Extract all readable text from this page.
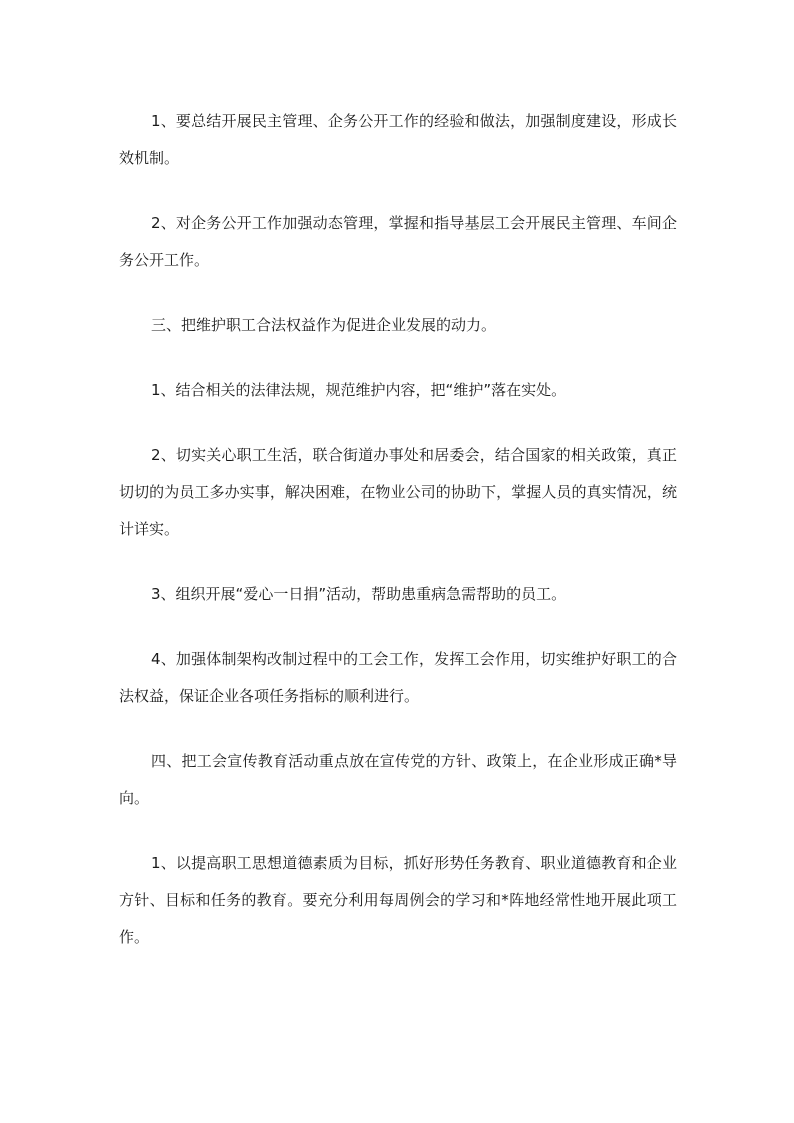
1、要总结开展民主管理、企务公开工作的经验和做法，加强制度建设，形成长效机制。

2、对企务公开工作加强动态管理，掌握和指导基层工会开展民主管理、车间企务公开工作。

三、把维护职工合法权益作为促进企业发展的动力。

1、结合相关的法律法规，规范维护内容，把“维护”落在实处。

2、切实关心职工生活，联合街道办事处和居委会，结合国家的相关政策，真正切切的为员工多办实事，解决困难，在物业公司的协助下，掌握人员的真实情况，统计详实。

3、组织开展“爱心一日捐”活动，帮助患重病急需帮助的员工。

4、加强体制架构改制过程中的工会工作，发挥工会作用，切实维护好职工的合法权益，保证企业各项任务指标的顺利进行。

四、把工会宣传教育活动重点放在宣传党的方针、政策上，在企业形成正确*导向。

1、以提高职工思想道德素质为目标，抓好形势任务教育、职业道德教育和企业方针、目标和任务的教育。要充分利用每周例会的学习和*阵地经常性地开展此项工作。
